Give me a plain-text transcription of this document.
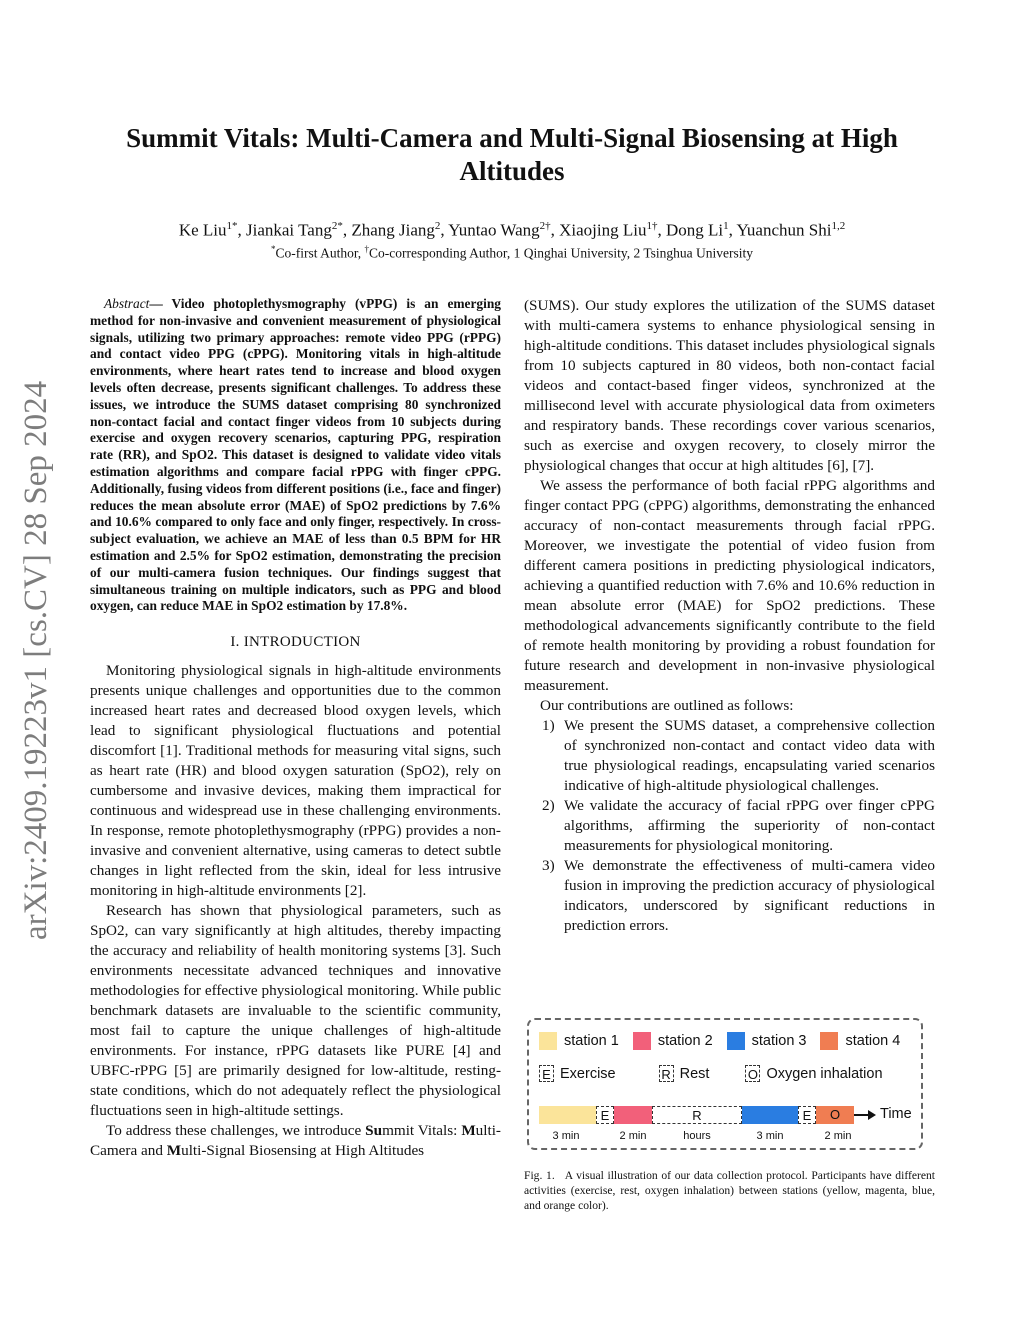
arXiv:2409.19223v1 [cs.CV] 28 Sep 2024
Summit Vitals: Multi-Camera and Multi-Signal Biosensing at High Altitudes
Ke Liu$^{1*}$, Jiankai Tang$^{2*}$, Zhang Jiang$^2$, Yuntao Wang$^{2\dagger}$, Xiaojing Liu$^{1\dagger}$, Dong Li$^1$, Yuanchun Shi$^{1,2}$
*Co-first Author, †Co-corresponding Author, 1 Qinghai University, 2 Tsinghua University

Abstract— Video photoplethysmography (vPPG) is an emerging method for non-invasive and convenient measurement of physiological signals, utilizing two primary approaches: remote video PPG (rPPG) and contact video PPG (cPPG). Monitoring vitals in high-altitude environments, where heart rates tend to increase and blood oxygen levels often decrease, presents significant challenges. To address these issues, we introduce the SUMS dataset comprising 80 synchronized non-contact facial and contact finger videos from 10 subjects during exercise and oxygen recovery scenarios, capturing PPG, respiration rate (RR), and SpO2. This dataset is designed to validate video vitals estimation algorithms and compare facial rPPG with finger cPPG. Additionally, fusing videos from different positions (i.e., face and finger) reduces the mean absolute error (MAE) of SpO2 predictions by 7.6% and 10.6% compared to only face and only finger, respectively. In cross-subject evaluation, we achieve an MAE of less than 0.5 BPM for HR estimation and 2.5% for SpO2 estimation, demonstrating the precision of our multi-camera fusion techniques. Our findings suggest that simultaneous training on multiple indicators, such as PPG and blood oxygen, can reduce MAE in SpO2 estimation by 17.8%.

I. INTRODUCTION

Monitoring physiological signals in high-altitude environments presents unique challenges and opportunities due to the common increased heart rates and decreased blood oxygen levels, which lead to significant physiological fluctuations and potential discomfort [1]. Traditional methods for measuring vital signs, such as heart rate (HR) and blood oxygen saturation (SpO2), rely on cumbersome and invasive devices, making them impractical for continuous and widespread use in these challenging environments. In response, remote photoplethysmography (rPPG) provides a non-invasive and convenient alternative, using cameras to detect subtle changes in light reflected from the skin, ideal for less intrusive monitoring in high-altitude environments [2].

Research has shown that physiological parameters, such as SpO2, can vary significantly at high altitudes, thereby impacting the accuracy and reliability of health monitoring systems [3]. Such environments necessitate advanced techniques and innovative methodologies for effective physiological monitoring. While public benchmark datasets are invaluable to the scientific community, most fail to capture the unique challenges of high-altitude environments. For instance, rPPG datasets like PURE [4] and UBFC-rPPG [5] are primarily designed for low-altitude, resting-state conditions, which do not adequately reflect the physiological fluctuations seen in high-altitude settings.

To address these challenges, we introduce Summit Vitals: Multi-Camera and Multi-Signal Biosensing at High Altitudes

(SUMS). Our study explores the utilization of the SUMS dataset with multi-camera systems to enhance physiological sensing in high-altitude conditions. This dataset includes physiological signals from 10 subjects captured in 80 videos, both non-contact facial videos and contact-based finger videos, synchronized at the millisecond level with accurate physiological data from oximeters and respiratory bands. These recordings cover various scenarios, such as exercise and oxygen recovery, to closely mirror the physiological changes that occur at high altitudes [6], [7].

We assess the performance of both facial rPPG algorithms and finger contact PPG (cPPG) algorithms, demonstrating the enhanced accuracy of non-contact measurements through facial rPPG. Moreover, we investigate the potential of video fusion from different camera positions in predicting physiological indicators, achieving a quantified reduction with 7.6% and 10.6% reduction in mean absolute error (MAE) for SpO2 predictions. These methodological advancements significantly contribute to the field of remote health monitoring by providing a robust foundation for future research and development in non-invasive physiological measurement.

Our contributions are outlined as follows:

1) We present the SUMS dataset, a comprehensive collection of synchronized non-contact and contact video data with true physiological readings, encapsulating varied scenarios indicative of high-altitude physiological challenges.
2) We validate the accuracy of facial rPPG over finger cPPG algorithms, affirming the superiority of non-contact measurements for physiological monitoring.
3) We demonstrate the effectiveness of multi-camera video fusion in improving the prediction accuracy of physiological indicators, underscored by significant reductions in prediction errors.
station 1	station 2	station 3	station 4
E Exercise	R Rest	O Oxygen inhalation
E	R	E	O	Time
3 min	2 min	hours	3 min	2 min
Fig. 1. A visual illustration of our data collection protocol. Participants have different activities (exercise, rest, oxygen inhalation) between stations (yellow, magenta, blue, and orange color).
